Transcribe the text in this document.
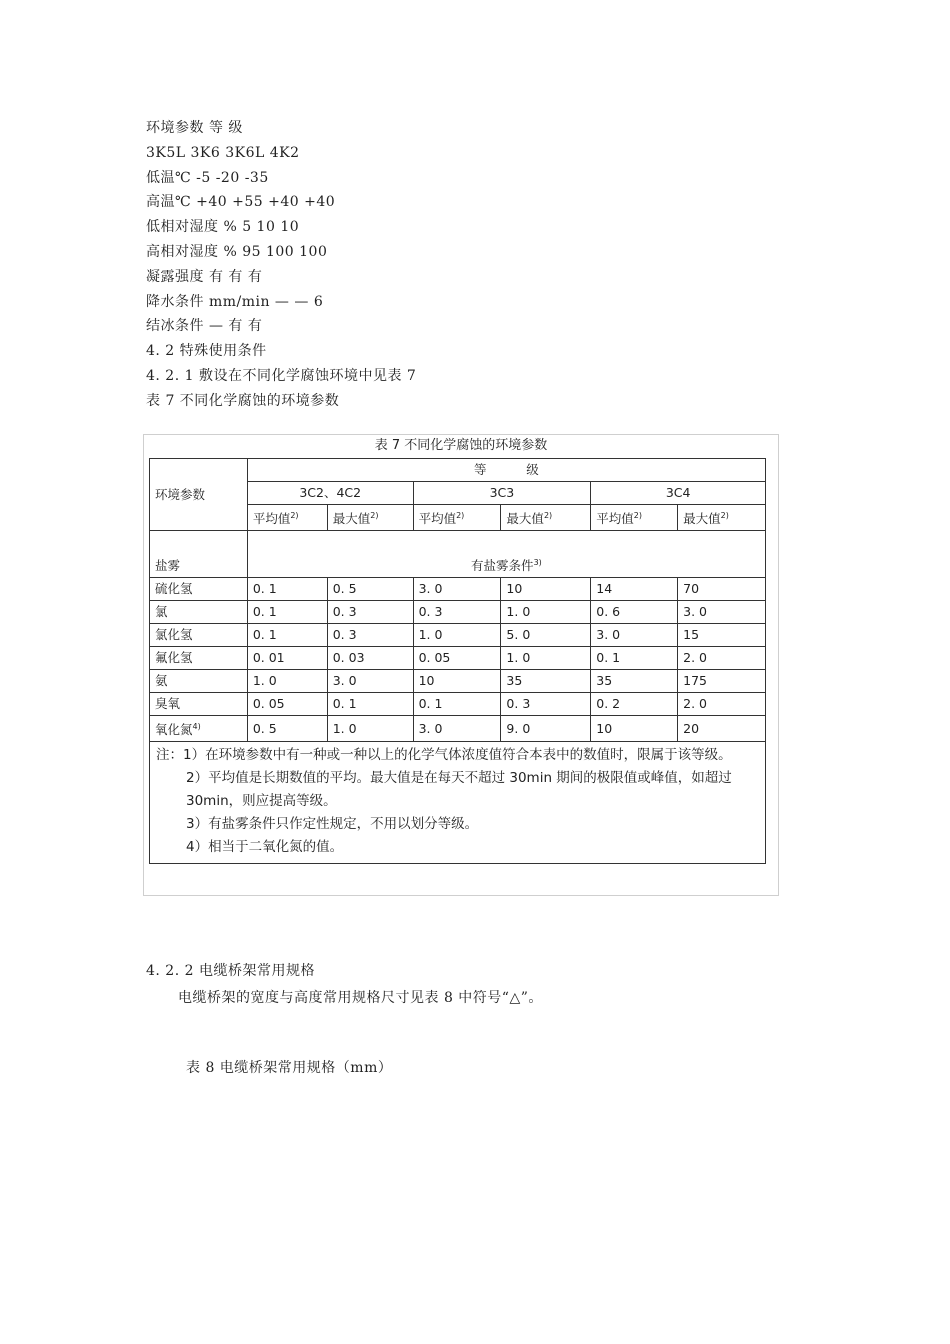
环境参数 等 级
3K5L 3K6 3K6L 4K2
低温℃ -5 -20 -35
高温℃ +40 +55 +40 +40
低相对湿度 % 5 10 10
高相对湿度 % 95 100 100
凝露强度 有 有 有
降水条件 mm/min — — 6
结冰条件 — 有 有
4. 2 特殊使用条件
4. 2. 1 敷设在不同化学腐蚀环境中见表 7
表 7 不同化学腐蚀的环境参数
表 7 不同化学腐蚀的环境参数
环境参数	等          级					
	3C2、4C2		3C3		3C4	
	平均值$^{2)}$	最大值$^{2)}$	平均值$^{2)}$	最大值$^{2)}$	平均值$^{2)}$	最大值$^{2)}$
盐雾	有盐雾条件$^{3)}$
硫化氢	0. 1	0. 5	3. 0	10	14	70
氯	0. 1	0. 3	0. 3	1. 0	0. 6	3. 0
氯化氢	0. 1	0. 3	1. 0	5. 0	3. 0	15
氟化氢	0. 01	0. 03	0. 05	1. 0	0. 1	2. 0
氨	1. 0	3. 0	10	35	35	175
臭氧	0. 05	0. 1	0. 1	0. 3	0. 2	2. 0
氧化氮$^{4)}$	0. 5	1. 0	3. 0	9. 0	10	20

注：1）在环境参数中有一种或一种以上的化学气体浓度值符合本表中的数值时，限属于该等级。
2）平均值是长期数值的平均。最大值是在每天不超过 30min 期间的极限值或峰值，如超过 30min，则应提高等级。
3）有盐雾条件只作定性规定，不用以划分等级。
4）相当于二氧化氮的值。						
4. 2. 2 电缆桥架常用规格
电缆桥架的宽度与高度常用规格尺寸见表 8 中符号“△”。
表 8 电缆桥架常用规格（mm）
